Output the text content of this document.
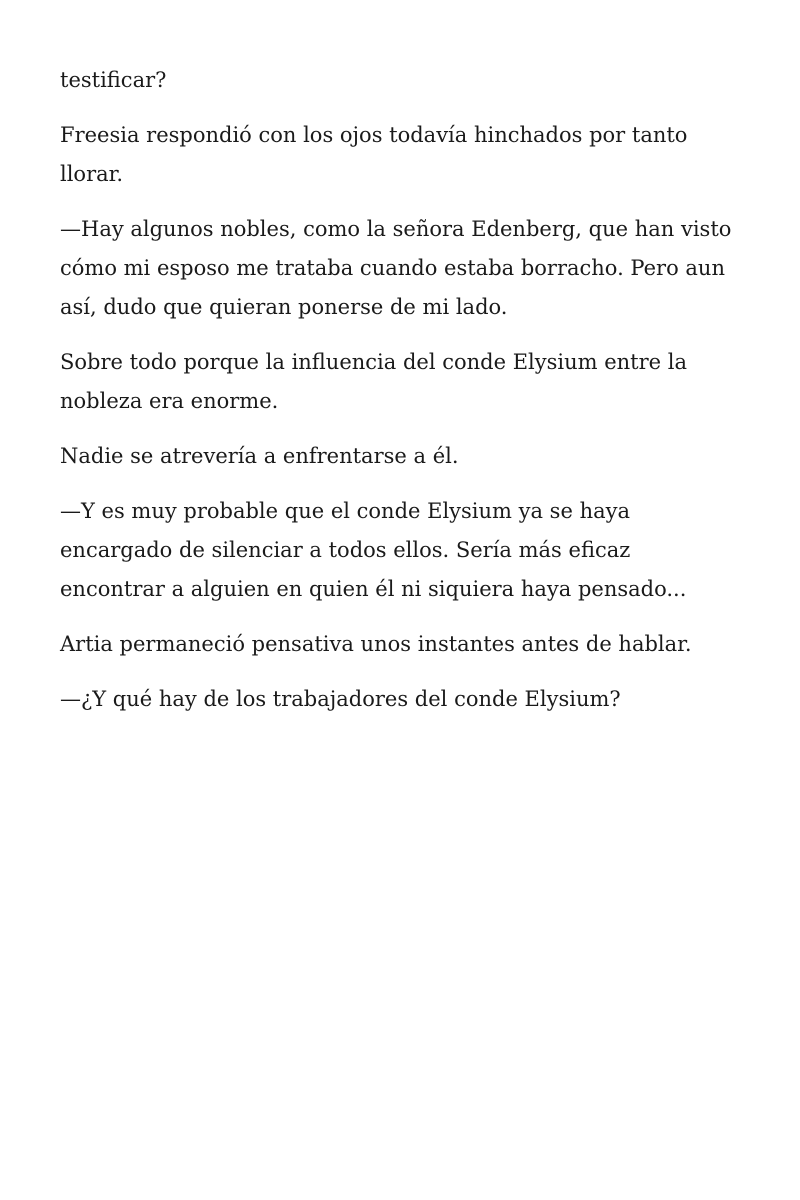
testificar?

Freesia respondió con los ojos todavía hinchados por tanto llorar.

—Hay algunos nobles, como la señora Edenberg, que han visto cómo mi esposo me trataba cuando estaba borracho. Pero aun así, dudo que quieran ponerse de mi lado.

Sobre todo porque la influencia del conde Elysium entre la nobleza era enorme.

Nadie se atrevería a enfrentarse a él.

—Y es muy probable que el conde Elysium ya se haya encargado de silenciar a todos ellos. Sería más eficaz encontrar a alguien en quien él ni siquiera haya pensado...

Artia permaneció pensativa unos instantes antes de hablar.

—¿Y qué hay de los trabajadores del conde Elysium?
